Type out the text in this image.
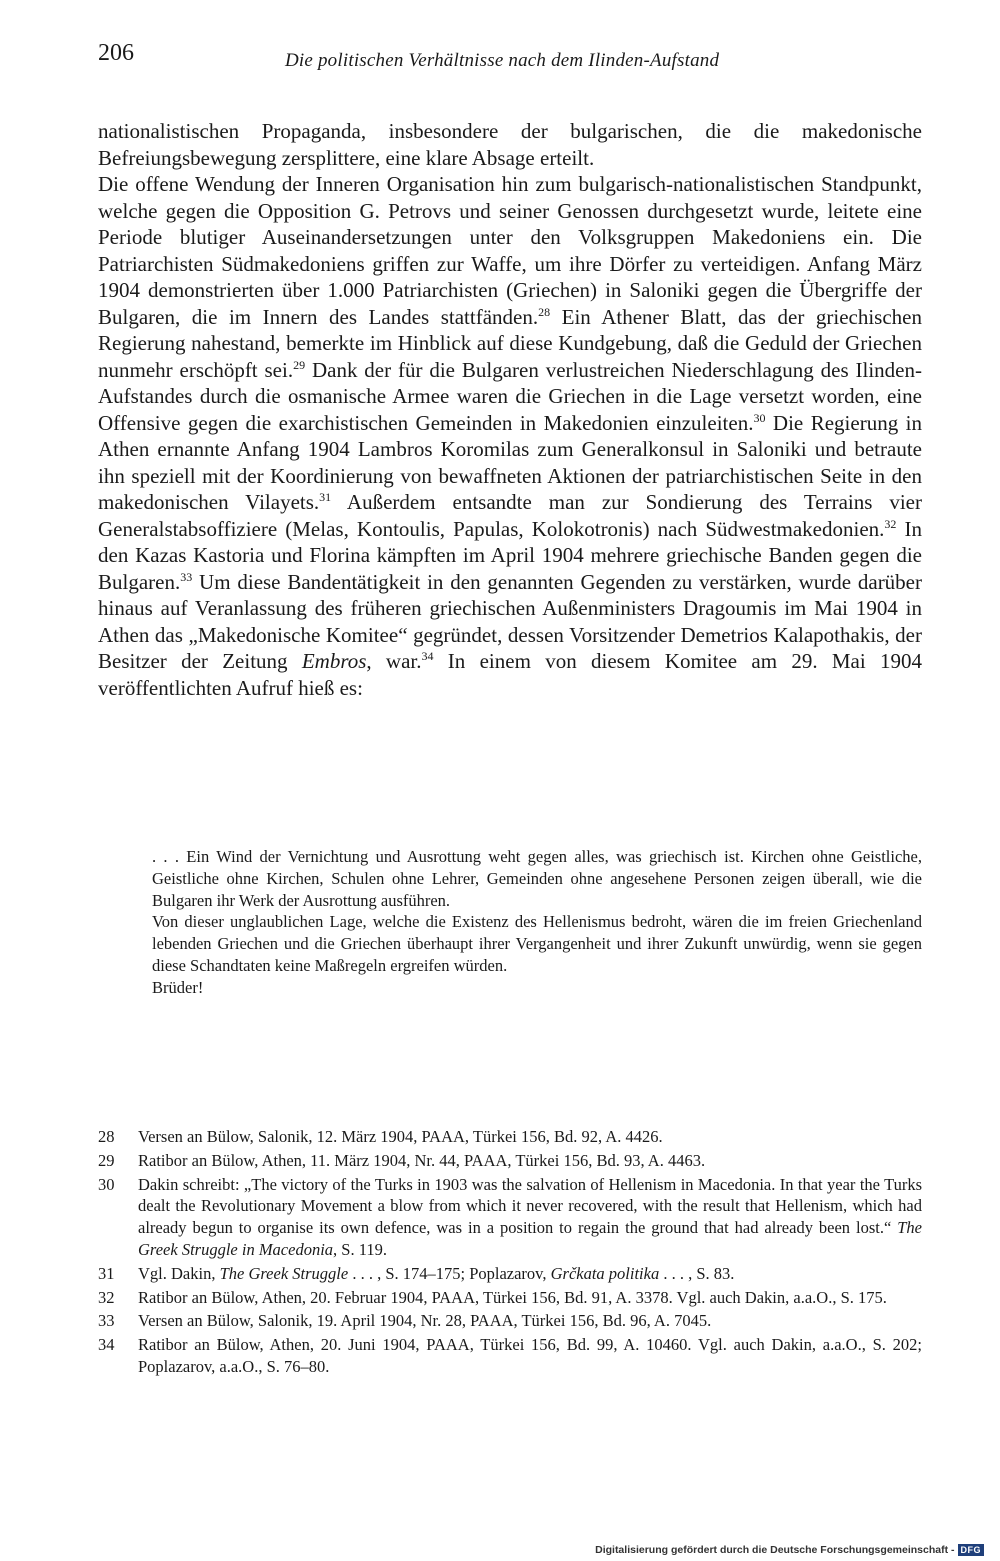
206	Die politischen Verhältnisse nach dem Ilinden-Aufstand

nationalistischen Propaganda, insbesondere der bulgarischen, die die makedonische Befreiungsbewegung zersplittere, eine klare Absage erteilt.

Die offene Wendung der Inneren Organisation hin zum bulgarisch-nationalistischen Standpunkt, welche gegen die Opposition G. Petrovs und seiner Genossen durchgesetzt wurde, leitete eine Periode blutiger Auseinandersetzungen unter den Volksgruppen Makedoniens ein. Die Patriarchisten Südmakedoniens griffen zur Waffe, um ihre Dörfer zu verteidigen. Anfang März 1904 demonstrierten über 1.000 Patriarchisten (Griechen) in Saloniki gegen die Übergriffe der Bulgaren, die im Innern des Landes stattfänden.$^{28}$ Ein Athener Blatt, das der griechischen Regierung nahestand, bemerkte im Hinblick auf diese Kundgebung, daß die Geduld der Griechen nunmehr erschöpft sei.$^{29}$ Dank der für die Bulgaren verlustreichen Niederschlagung des Ilinden-Aufstandes durch die osmanische Armee waren die Griechen in die Lage versetzt worden, eine Offensive gegen die exarchistischen Gemeinden in Makedonien einzuleiten.$^{30}$ Die Regierung in Athen ernannte Anfang 1904 Lambros Koromilas zum Generalkonsul in Saloniki und betraute ihn speziell mit der Koordinierung von bewaffneten Aktionen der patriarchistischen Seite in den makedonischen Vilayets.$^{31}$ Außerdem entsandte man zur Sondierung des Terrains vier Generalstabsoffiziere (Melas, Kontoulis, Papulas, Kolokotronis) nach Südwestmakedonien.$^{32}$ In den Kazas Kastoria und Florina kämpften im April 1904 mehrere griechische Banden gegen die Bulgaren.$^{33}$ Um diese Bandentätigkeit in den genannten Gegenden zu verstärken, wurde darüber hinaus auf Veranlassung des früheren griechischen Außenministers Dragoumis im Mai 1904 in Athen das „Makedonische Komitee“ gegründet, dessen Vorsitzender Demetrios Kalapothakis, der Besitzer der Zeitung Embros, war.$^{34}$ In einem von diesem Komitee am 29. Mai 1904 veröffentlichten Aufruf hieß es:

. . . Ein Wind der Vernichtung und Ausrottung weht gegen alles, was griechisch ist. Kirchen ohne Geistliche, Geistliche ohne Kirchen, Schulen ohne Lehrer, Gemeinden ohne angesehene Personen zeigen überall, wie die Bulgaren ihr Werk der Ausrottung ausführen.

Von dieser unglaublichen Lage, welche die Existenz des Hellenismus bedroht, wären die im freien Griechenland lebenden Griechen und die Griechen überhaupt ihrer Vergangenheit und ihrer Zukunft unwürdig, wenn sie gegen diese Schandtaten keine Maßregeln ergreifen würden.

Brüder!

28	Versen an Bülow, Salonik, 12. März 1904, PAAA, Türkei 156, Bd. 92, A. 4426.
29	Ratibor an Bülow, Athen, 11. März 1904, Nr. 44, PAAA, Türkei 156, Bd. 93, A. 4463.
30	Dakin schreibt: „The victory of the Turks in 1903 was the salvation of Hellenism in Macedonia. In that year the Turks dealt the Revolutionary Movement a blow from which it never recovered, with the result that Hellenism, which had already begun to organise its own defence, was in a position to regain the ground that had already been lost.“ The Greek Struggle in Macedonia, S. 119.
31	Vgl. Dakin, The Greek Struggle . . . , S. 174–175; Poplazarov, Grčkata politika . . . , S. 83.
32	Ratibor an Bülow, Athen, 20. Februar 1904, PAAA, Türkei 156, Bd. 91, A. 3378. Vgl. auch Dakin, a.a.O., S. 175.
33	Versen an Bülow, Salonik, 19. April 1904, Nr. 28, PAAA, Türkei 156, Bd. 96, A. 7045.
34	Ratibor an Bülow, Athen, 20. Juni 1904, PAAA, Türkei 156, Bd. 99, A. 10460. Vgl. auch Dakin, a.a.O., S. 202; Poplazarov, a.a.O., S. 76–80.
Digitalisierung gefördert durch die Deutsche Forschungsgemeinschaft - DFG
